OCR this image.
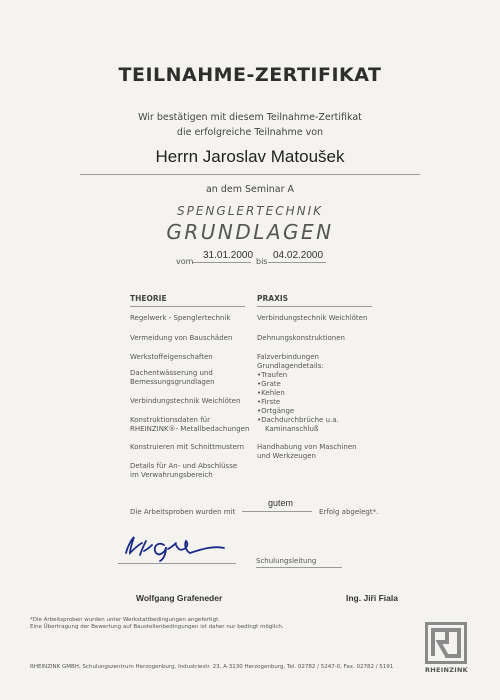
TEILNAHME-ZERTIFIKAT
Wir bestätigen mit diesem Teilnahme-Zertifikat
die erfolgreiche Teilnahme von
Herrn Jaroslav Matoušek
an dem Seminar A
SPENGLERTECHNIK
GRUNDLAGEN
vom
31.01.2000
bis
04.02.2000
THEORIE
Regelwerk - Spenglertechnik
Vermeidung von Bauschäden
Werkstoffeigenschaften
Dachentwässerung und
Bemessungsgrundlagen
Verbindungstechnik Weichlöten
Konstruktionsdaten für
RHEINZINK®- Metallbedachungen
Konstruieren mit Schnittmustern
Details für An- und Abschlüsse
im Verwahrungsbereich
PRAXIS
Verbindungstechnik Weichlöten
Dehnungskonstruktionen
Falzverbindungen
Grundlagendetails:
• Traufen
• Grate
• Kehlen
• Firste
• Ortgänge
• Dachdurchbrüche u.a.
Kaminanschluß
Handhabung von Maschinen
und Werkzeugen
Die Arbeitsproben wurden mit
gutem
Erfolg abgelegt*.
Schulungsleitung
Wolfgang Grafeneder	Ing. Jiři Fiala
*Die Arbeitsproben wurden unter Werkstattbedingungen angefertigt.
Eine Übertragung der Bewertung auf Baustellenbedingungen ist daher nur bedingt möglich.
RHEINZINK GMBH, Schulungszentrum Herzogenburg, Industriestr. 23, A-3130 Herzogenburg, Tel. 02782 / 5247-0, Fax. 02782 / 5191	RHEINZINK
